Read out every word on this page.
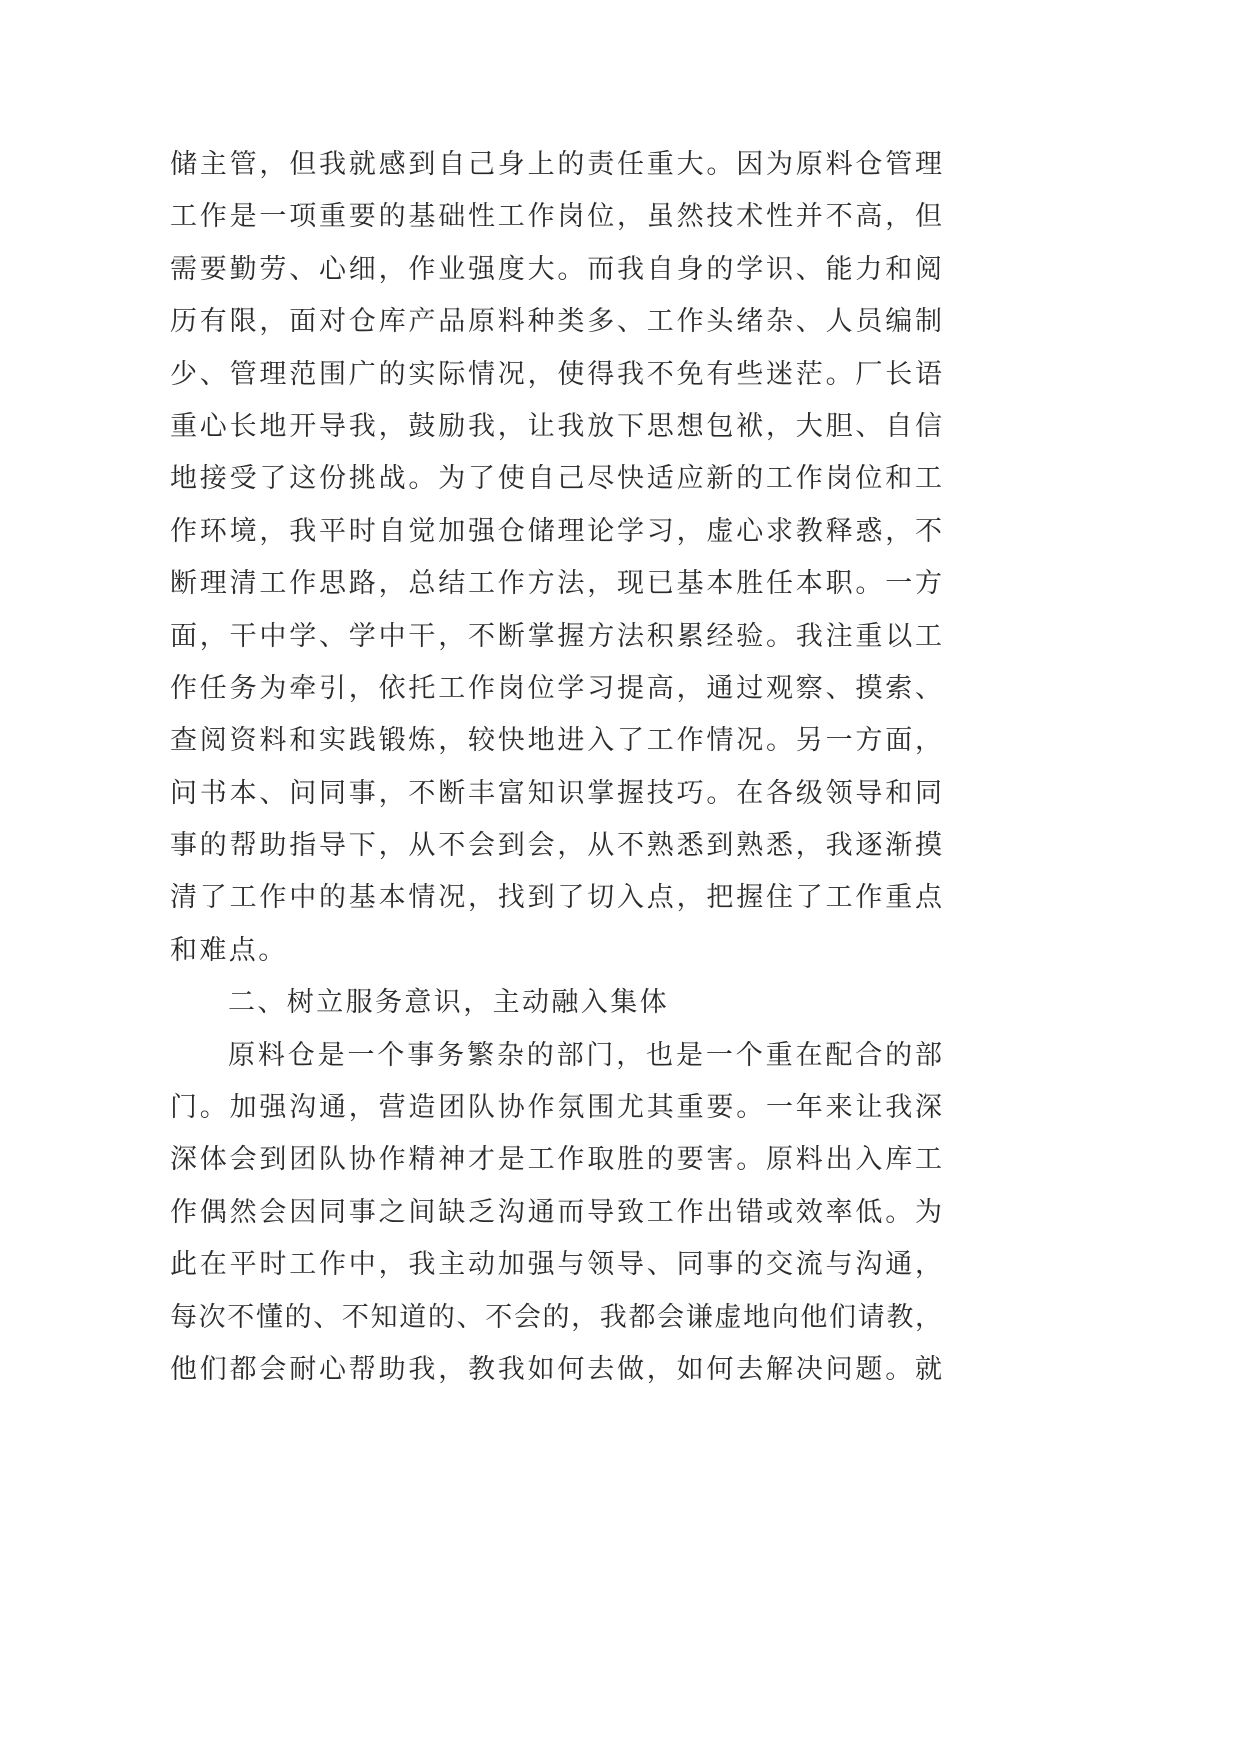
储主管，但我就感到自己身上的责任重大。因为原料仓管理
工作是一项重要的基础性工作岗位，虽然技术性并不高，但
需要勤劳、心细，作业强度大。而我自身的学识、能力和阅
历有限，面对仓库产品原料种类多、工作头绪杂、人员编制
少、管理范围广的实际情况，使得我不免有些迷茫。厂长语
重心长地开导我，鼓励我，让我放下思想包袱，大胆、自信
地接受了这份挑战。为了使自己尽快适应新的工作岗位和工
作环境，我平时自觉加强仓储理论学习，虚心求教释惑，不
断理清工作思路，总结工作方法，现已基本胜任本职。一方
面，干中学、学中干，不断掌握方法积累经验。我注重以工
作任务为牵引，依托工作岗位学习提高，通过观察、摸索、
查阅资料和实践锻炼，较快地进入了工作情况。另一方面，
问书本、问同事，不断丰富知识掌握技巧。在各级领导和同
事的帮助指导下，从不会到会，从不熟悉到熟悉，我逐渐摸
清了工作中的基本情况，找到了切入点，把握住了工作重点
和难点。
二、树立服务意识，主动融入集体
原料仓是一个事务繁杂的部门，也是一个重在配合的部
门。加强沟通，营造团队协作氛围尤其重要。一年来让我深
深体会到团队协作精神才是工作取胜的要害。原料出入库工
作偶然会因同事之间缺乏沟通而导致工作出错或效率低。为
此在平时工作中，我主动加强与领导、同事的交流与沟通，
每次不懂的、不知道的、不会的，我都会谦虚地向他们请教，
他们都会耐心帮助我，教我如何去做，如何去解决问题。就
